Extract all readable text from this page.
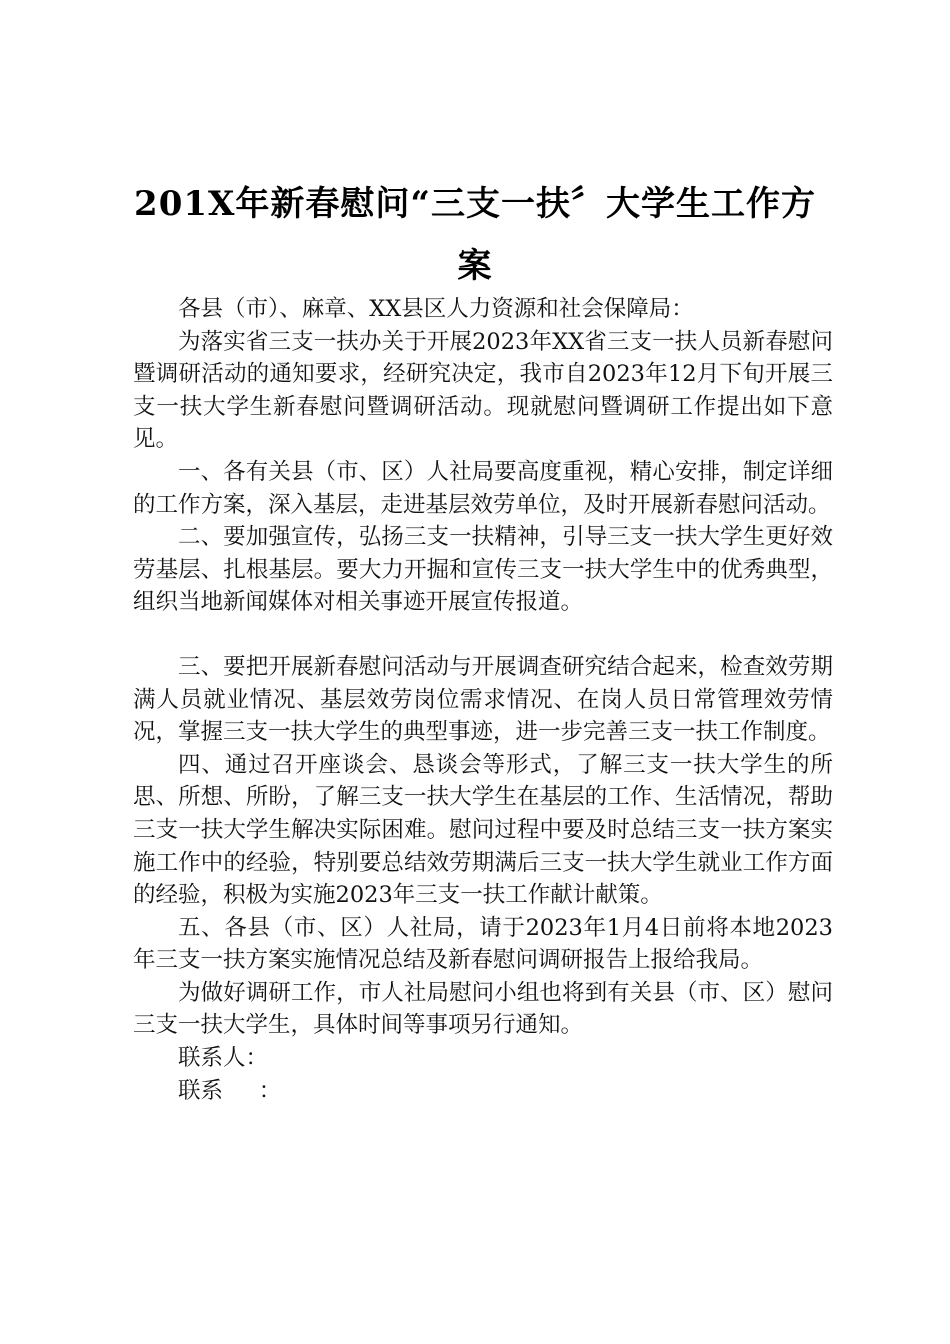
201X年新春慰问“三支一扶〞大学生工作方
案

各县（市）、麻章、XX县区人力资源和社会保障局：

为落实省三支一扶办关于开展2023年XX省三支一扶人员新春慰问暨调研活动的通知要求，经研究决定，我市自2023年12月下旬开展三支一扶大学生新春慰问暨调研活动。现就慰问暨调研工作提出如下意见。

一、各有关县（市、区）人社局要高度重视，精心安排，制定详细的工作方案，深入基层，走进基层效劳单位，及时开展新春慰问活动。

二、要加强宣传，弘扬三支一扶精神，引导三支一扶大学生更好效劳基层、扎根基层。要大力开掘和宣传三支一扶大学生中的优秀典型，组织当地新闻媒体对相关事迹开展宣传报道。

三、要把开展新春慰问活动与开展调查研究结合起来，检查效劳期满人员就业情况、基层效劳岗位需求情况、在岗人员日常管理效劳情况，掌握三支一扶大学生的典型事迹，进一步完善三支一扶工作制度。

四、通过召开座谈会、恳谈会等形式，了解三支一扶大学生的所思、所想、所盼，了解三支一扶大学生在基层的工作、生活情况，帮助三支一扶大学生解决实际困难。慰问过程中要及时总结三支一扶方案实施工作中的经验，特别要总结效劳期满后三支一扶大学生就业工作方面的经验，积极为实施2023年三支一扶工作献计献策。

五、各县（市、区）人社局，请于2023年1月4日前将本地2023年三支一扶方案实施情况总结及新春慰问调研报告上报给我局。

为做好调研工作，市人社局慰问小组也将到有关县（市、区）慰问三支一扶大学生，具体时间等事项另行通知。

联系人：

联系     ：
